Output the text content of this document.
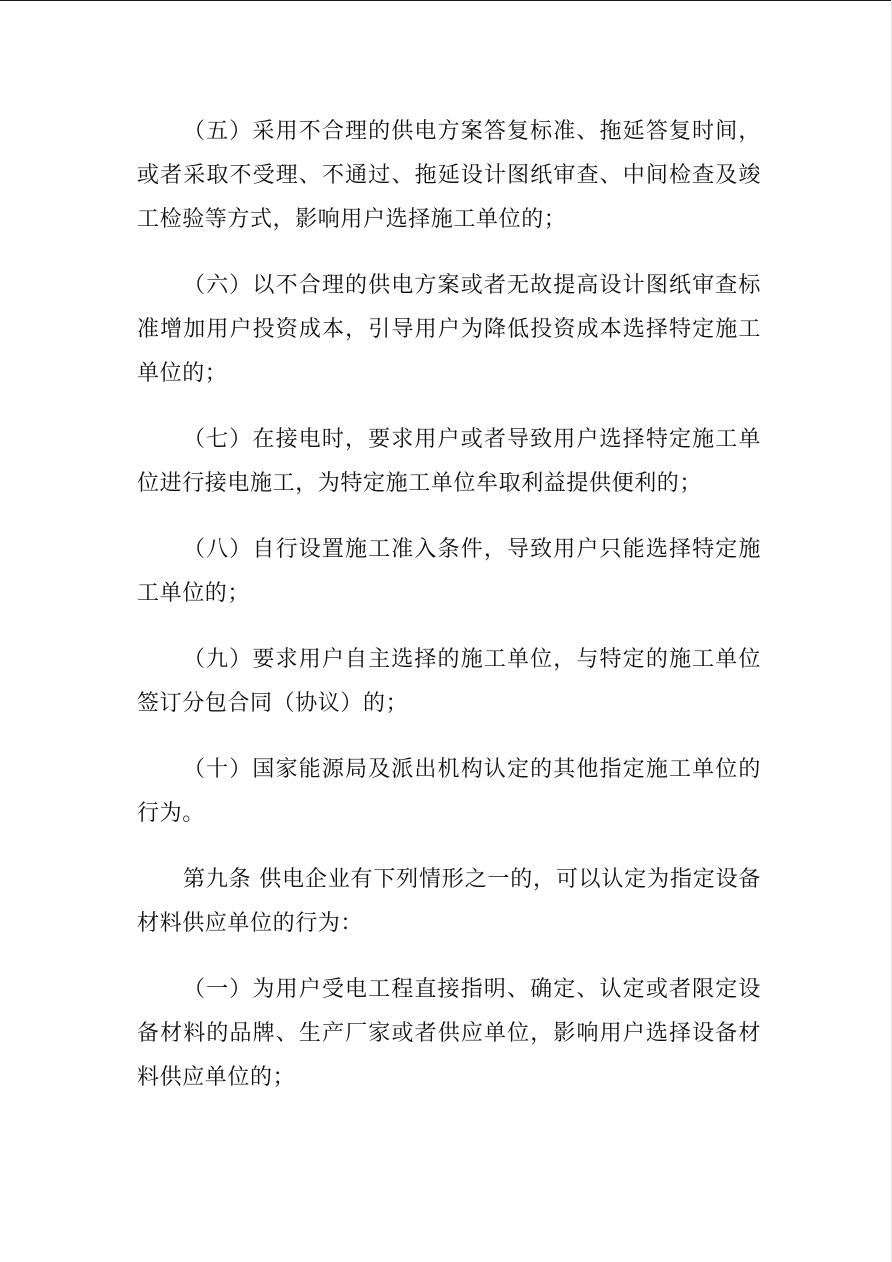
（五）采用不合理的供电方案答复标准、拖延答复时间，或者采取不受理、不通过、拖延设计图纸审查、中间检查及竣工检验等方式，影响用户选择施工单位的；

（六）以不合理的供电方案或者无故提高设计图纸审查标准增加用户投资成本，引导用户为降低投资成本选择特定施工单位的；

（七）在接电时，要求用户或者导致用户选择特定施工单位进行接电施工，为特定施工单位牟取利益提供便利的；

（八）自行设置施工准入条件，导致用户只能选择特定施工单位的；

（九）要求用户自主选择的施工单位，与特定的施工单位签订分包合同（协议）的；

（十）国家能源局及派出机构认定的其他指定施工单位的行为。

第九条 供电企业有下列情形之一的，可以认定为指定设备材料供应单位的行为：

（一）为用户受电工程直接指明、确定、认定或者限定设备材料的品牌、生产厂家或者供应单位，影响用户选择设备材料供应单位的；
